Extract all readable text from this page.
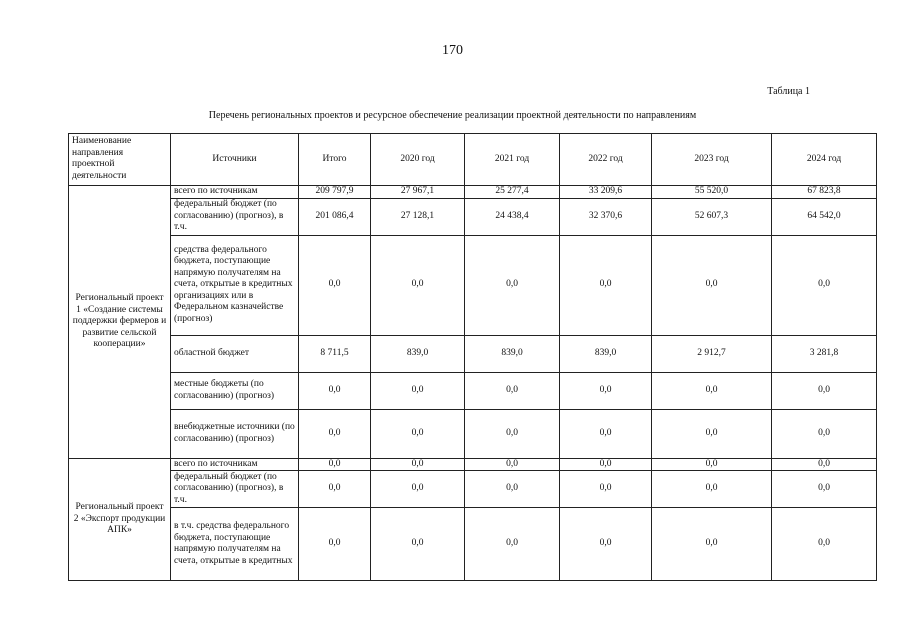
170
Таблица 1
Перечень региональных проектов и ресурсное обеспечение реализации проектной деятельности по направлениям
Наименование направления проектной деятельности	Источники	Итого	2020 год	2021 год	2022 год	2023 год	2024 год
Региональный проект 1 «Создание системы поддержки фермеров и развитие сельской кооперации»	всего по источникам	209 797,9	27 967,1	25 277,4	33 209,6	55 520,0	67 823,8
	федеральный бюджет (по согласованию) (прогноз), в т.ч.	201 086,4	27 128,1	24 438,4	32 370,6	52 607,3	64 542,0
	средства федерального бюджета, поступающие напрямую получателям на счета, открытые в кредитных организациях или в Федеральном казначействе (прогноз)	0,0	0,0	0,0	0,0	0,0	0,0
	областной бюджет	8 711,5	839,0	839,0	839,0	2 912,7	3 281,8
	местные бюджеты (по согласованию) (прогноз)	0,0	0,0	0,0	0,0	0,0	0,0
	внебюджетные источники (по согласованию) (прогноз)	0,0	0,0	0,0	0,0	0,0	0,0
Региональный проект 2 «Экспорт продукции АПК»	всего по источникам	0,0	0,0	0,0	0,0	0,0	0,0
	федеральный бюджет (по согласованию) (прогноз), в т.ч.	0,0	0,0	0,0	0,0	0,0	0,0
	в т.ч. средства федерального бюджета, поступающие напрямую получателям на счета, открытые в кредитных	0,0	0,0	0,0	0,0	0,0	0,0
